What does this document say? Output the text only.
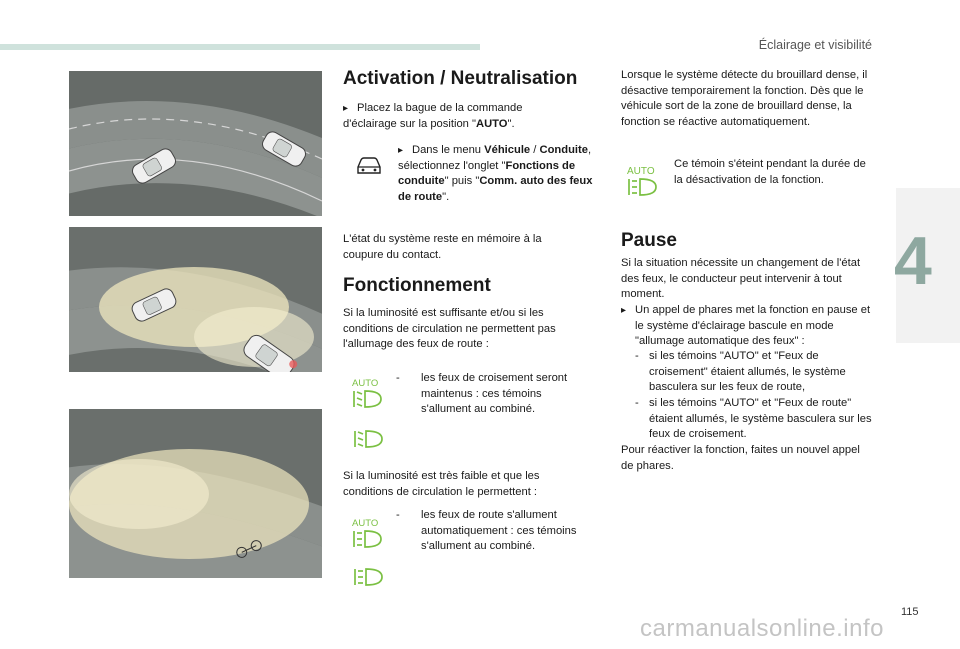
Éclairage et visibilité
4
115
carmanualsonline.info
Activation / Neutralisation
▸ Placez la bague de la commande d'éclairage sur la position "AUTO".
▸ Dans le menu Véhicule / Conduite, sélectionnez l'onglet "Fonctions de conduite" puis "Comm. auto des feux de route".
L'état du système reste en mémoire à la coupure du contact.
Fonctionnement
Si la luminosité est suffisante et/ou si les conditions de circulation ne permettent pas l'allumage des feux de route :
AUTO - les feux de croisement seront maintenus : ces témoins s'allument au combiné.
Si la luminosité est très faible et que les conditions de circulation le permettent :
AUTO
- les feux de route s'allument automatiquement : ces témoins s'allument au combiné.
Lorsque le système détecte du brouillard dense, il désactive temporairement la fonction. Dès que le véhicule sort de la zone de brouillard dense, la fonction se réactive automatiquement.
AUTO
Ce témoin s'éteint pendant la durée de la désactivation de la fonction.
Pause
Si la situation nécessite un changement de l'état des feux, le conducteur peut intervenir à tout moment.
▸ Un appel de phares met la fonction en pause et le système d'éclairage bascule en mode "allumage automatique des feux" :
- si les témoins "AUTO" et "Feux de croisement" étaient allumés, le système basculera sur les feux de route,
- si les témoins "AUTO" et "Feux de route" étaient allumés, le système basculera sur les feux de croisement.
Pour réactiver la fonction, faites un nouvel appel de phares.
